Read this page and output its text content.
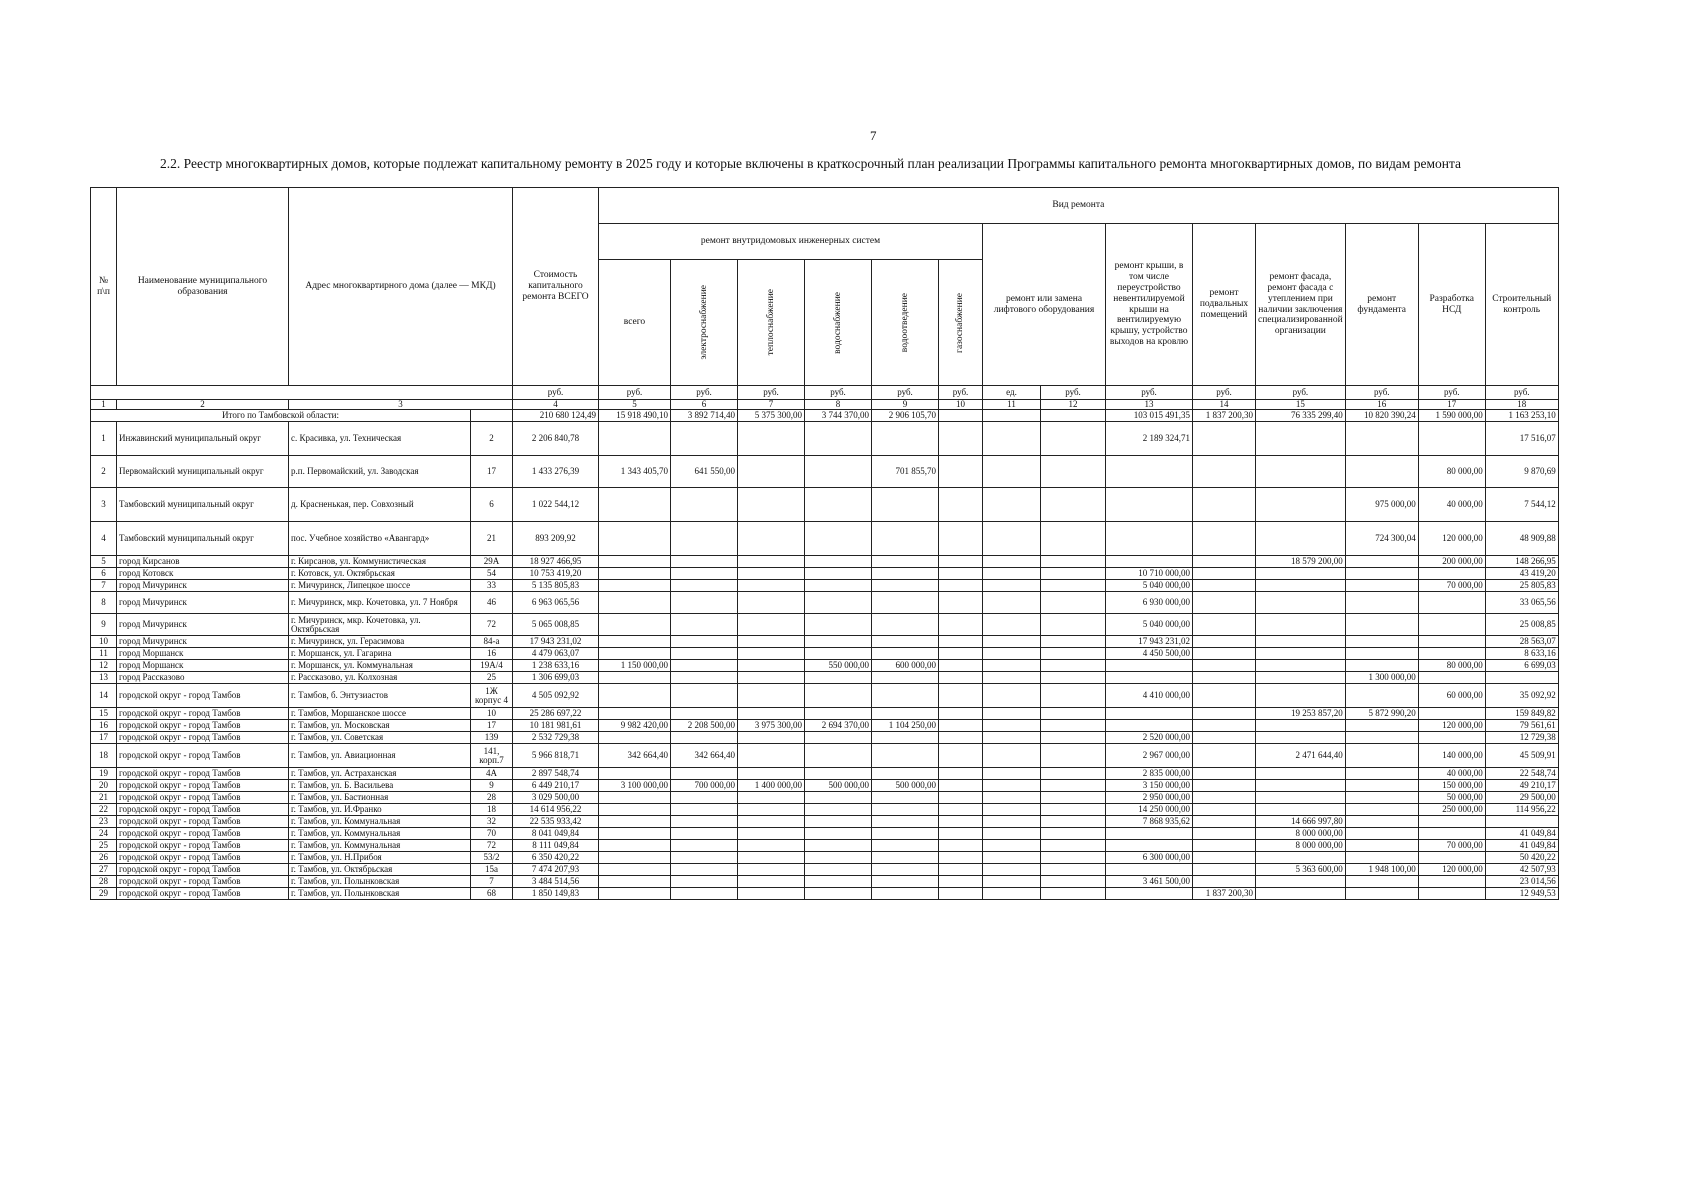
7
2.2. Реестр многоквартирных домов, которые подлежат капитальному ремонту в 2025 году и которые включены в краткосрочный план реализации Программы капитального ремонта многоквартирных домов, по видам ремонта
№ п\п	Наименование муниципального образования	Адрес многоквартирного дома (далее — МКД)		Стоимость капитального ремонта ВСЕГО	Вид ремонта													
					ремонт внутридомовых инженерных систем						ремонт или замена лифтового оборудования		ремонт крыши, в том числе переустройство невентилируемой крыши на вентилируемую крышу, устройство выходов на кровлю	ремонт подвальных помещений	ремонт фасада, ремонт фасада с утеплением при наличии заключения специализированной организации	ремонт фундамента	Разработка НСД	Строительный контроль
					всего	электроснабжение	теплоснабжение	водоснабжение	водоотведение	газоснабжение								

				руб.	руб.	руб.	руб.	руб.	руб.	руб.	ед.	руб.	руб.	руб.	руб.	руб.	руб.	руб.
1	2	3		4	5	6	7	8	9	10	11	12	13	14	15	16	17	18
Итого по Тамбовской области:				210 680 124,49	15 918 490,10	3 892 714,40	5 375 300,00	3 744 370,00	2 906 105,70				103 015 491,35	1 837 200,30	76 335 299,40	10 820 390,24	1 590 000,00	1 163 253,10
1	Инжавинский муниципальный округ	с. Красивка, ул. Техническая	2	2 206 840,78									2 189 324,71					17 516,07
2	Первомайский муниципальный округ	р.п. Первомайский, ул. Заводская	17	1 433 276,39	1 343 405,70	641 550,00			701 855,70								80 000,00	9 870,69
3	Тамбовский муниципальный округ	д. Красненькая, пер. Совхозный	6	1 022 544,12												975 000,00	40 000,00	7 544,12
4	Тамбовский муниципальный округ	пос. Учебное хозяйство «Авангард»	21	893 209,92												724 300,04	120 000,00	48 909,88
5	город Кирсанов	г. Кирсанов, ул. Коммунистическая	29А	18 927 466,95											18 579 200,00		200 000,00	148 266,95
6	город Котовск	г. Котовск, ул. Октябрьская	54	10 753 419,20									10 710 000,00					43 419,20
7	город Мичуринск	г. Мичуринск, Липецкое шоссе	33	5 135 805,83									5 040 000,00				70 000,00	25 805,83
8	город Мичуринск	г. Мичуринск, мкр. Кочетовка, ул. 7 Ноября	46	6 963 065,56									6 930 000,00					33 065,56
9	город Мичуринск	г. Мичуринск, мкр. Кочетовка, ул. Октябрьская	72	5 065 008,85									5 040 000,00					25 008,85
10	город Мичуринск	г. Мичуринск, ул. Герасимова	84-а	17 943 231,02									17 943 231,02					28 563,07
11	город Моршанск	г. Моршанск, ул. Гагарина	16	4 479 063,07									4 450 500,00					8 633,16
12	город Моршанск	г. Моршанск, ул. Коммунальная	19А/4	1 238 633,16	1 150 000,00			550 000,00	600 000,00								80 000,00	6 699,03
13	город Рассказово	г. Рассказово, ул. Колхозная	25	1 306 699,03												1 300 000,00		
14	городской округ - город Тамбов	г. Тамбов, б. Энтузиастов	1Ж корпус 4	4 505 092,92									4 410 000,00				60 000,00	35 092,92
15	городской округ - город Тамбов	г. Тамбов, Моршанское шоссе	10	25 286 697,22											19 253 857,20	5 872 990,20		159 849,82
16	городской округ - город Тамбов	г. Тамбов, ул. Московская	17	10 181 981,61	9 982 420,00	2 208 500,00	3 975 300,00	2 694 370,00	1 104 250,00								120 000,00	79 561,61
17	городской округ - город Тамбов	г. Тамбов, ул. Советская	139	2 532 729,38									2 520 000,00					12 729,38
18	городской округ - город Тамбов	г. Тамбов, ул. Авиационная	141, корп.7	5 966 818,71	342 664,40	342 664,40							2 967 000,00		2 471 644,40		140 000,00	45 509,91
19	городской округ - город Тамбов	г. Тамбов, ул. Астраханская	4А	2 897 548,74									2 835 000,00				40 000,00	22 548,74
20	городской округ - город Тамбов	г. Тамбов, ул. Б. Васильева	9	6 449 210,17	3 100 000,00	700 000,00	1 400 000,00	500 000,00	500 000,00				3 150 000,00				150 000,00	49 210,17
21	городской округ - город Тамбов	г. Тамбов, ул. Бастионная	28	3 029 500,00									2 950 000,00				50 000,00	29 500,00
22	городской округ - город Тамбов	г. Тамбов, ул. И.Франко	18	14 614 956,22									14 250 000,00				250 000,00	114 956,22
23	городской округ - город Тамбов	г. Тамбов, ул. Коммунальная	32	22 535 933,42									7 868 935,62		14 666 997,80			
24	городской округ - город Тамбов	г. Тамбов, ул. Коммунальная	70	8 041 049,84											8 000 000,00			41 049,84
25	городской округ - город Тамбов	г. Тамбов, ул. Коммунальная	72	8 111 049,84											8 000 000,00		70 000,00	41 049,84
26	городской округ - город Тамбов	г. Тамбов, ул. Н.Прибоя	53/2	6 350 420,22									6 300 000,00					50 420,22
27	городской округ - город Тамбов	г. Тамбов, ул. Октябрьская	15а	7 474 207,93											5 363 600,00	1 948 100,00	120 000,00	42 507,93
28	городской округ - город Тамбов	г. Тамбов, ул. Полынковская	7	3 484 514,56									3 461 500,00					23 014,56
29	городской округ - город Тамбов	г. Тамбов, ул. Полынковская	68	1 850 149,83										1 837 200,30				12 949,53
